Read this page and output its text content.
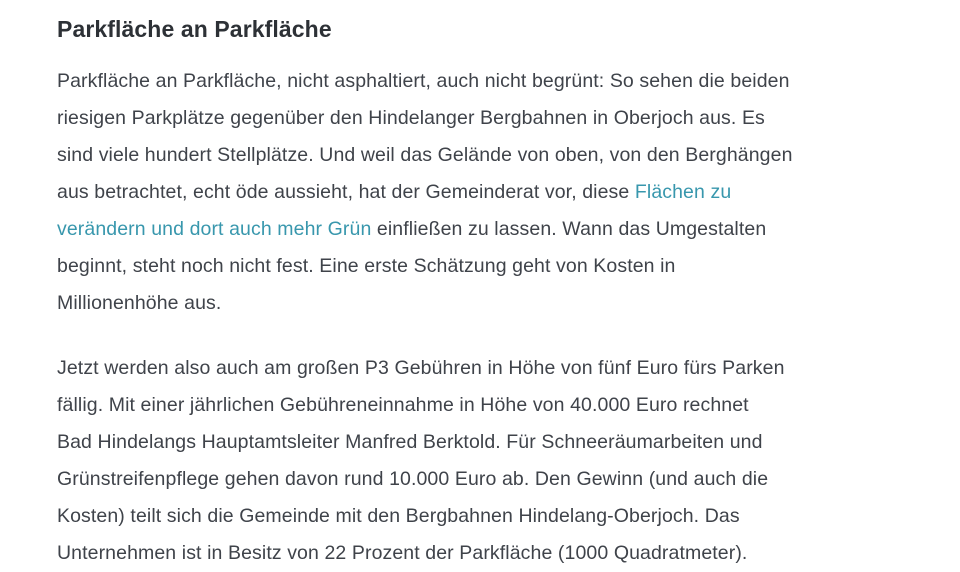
Parkfläche an Parkfläche
Parkfläche an Parkfläche, nicht asphaltiert, auch nicht begrünt: So sehen die beiden
riesigen Parkplätze gegenüber den Hindelanger Bergbahnen in Oberjoch aus. Es
sind viele hundert Stellplätze. Und weil das Gelände von oben, von den Berghängen
aus betrachtet, echt öde aussieht, hat der Gemeinderat vor, diese Flächen zu
verändern und dort auch mehr Grün einfließen zu lassen. Wann das Umgestalten
beginnt, steht noch nicht fest. Eine erste Schätzung geht von Kosten in
Millionenhöhe aus.
Jetzt werden also auch am großen P3 Gebühren in Höhe von fünf Euro fürs Parken
fällig. Mit einer jährlichen Gebühreneinnahme in Höhe von 40.000 Euro rechnet
Bad Hindelangs Hauptamtsleiter Manfred Berktold. Für Schneeräumarbeiten und
Grünstreifenpflege gehen davon rund 10.000 Euro ab. Den Gewinn (und auch die
Kosten) teilt sich die Gemeinde mit den Bergbahnen Hindelang-Oberjoch. Das
Unternehmen ist in Besitz von 22 Prozent der Parkfläche (1000 Quadratmeter).
